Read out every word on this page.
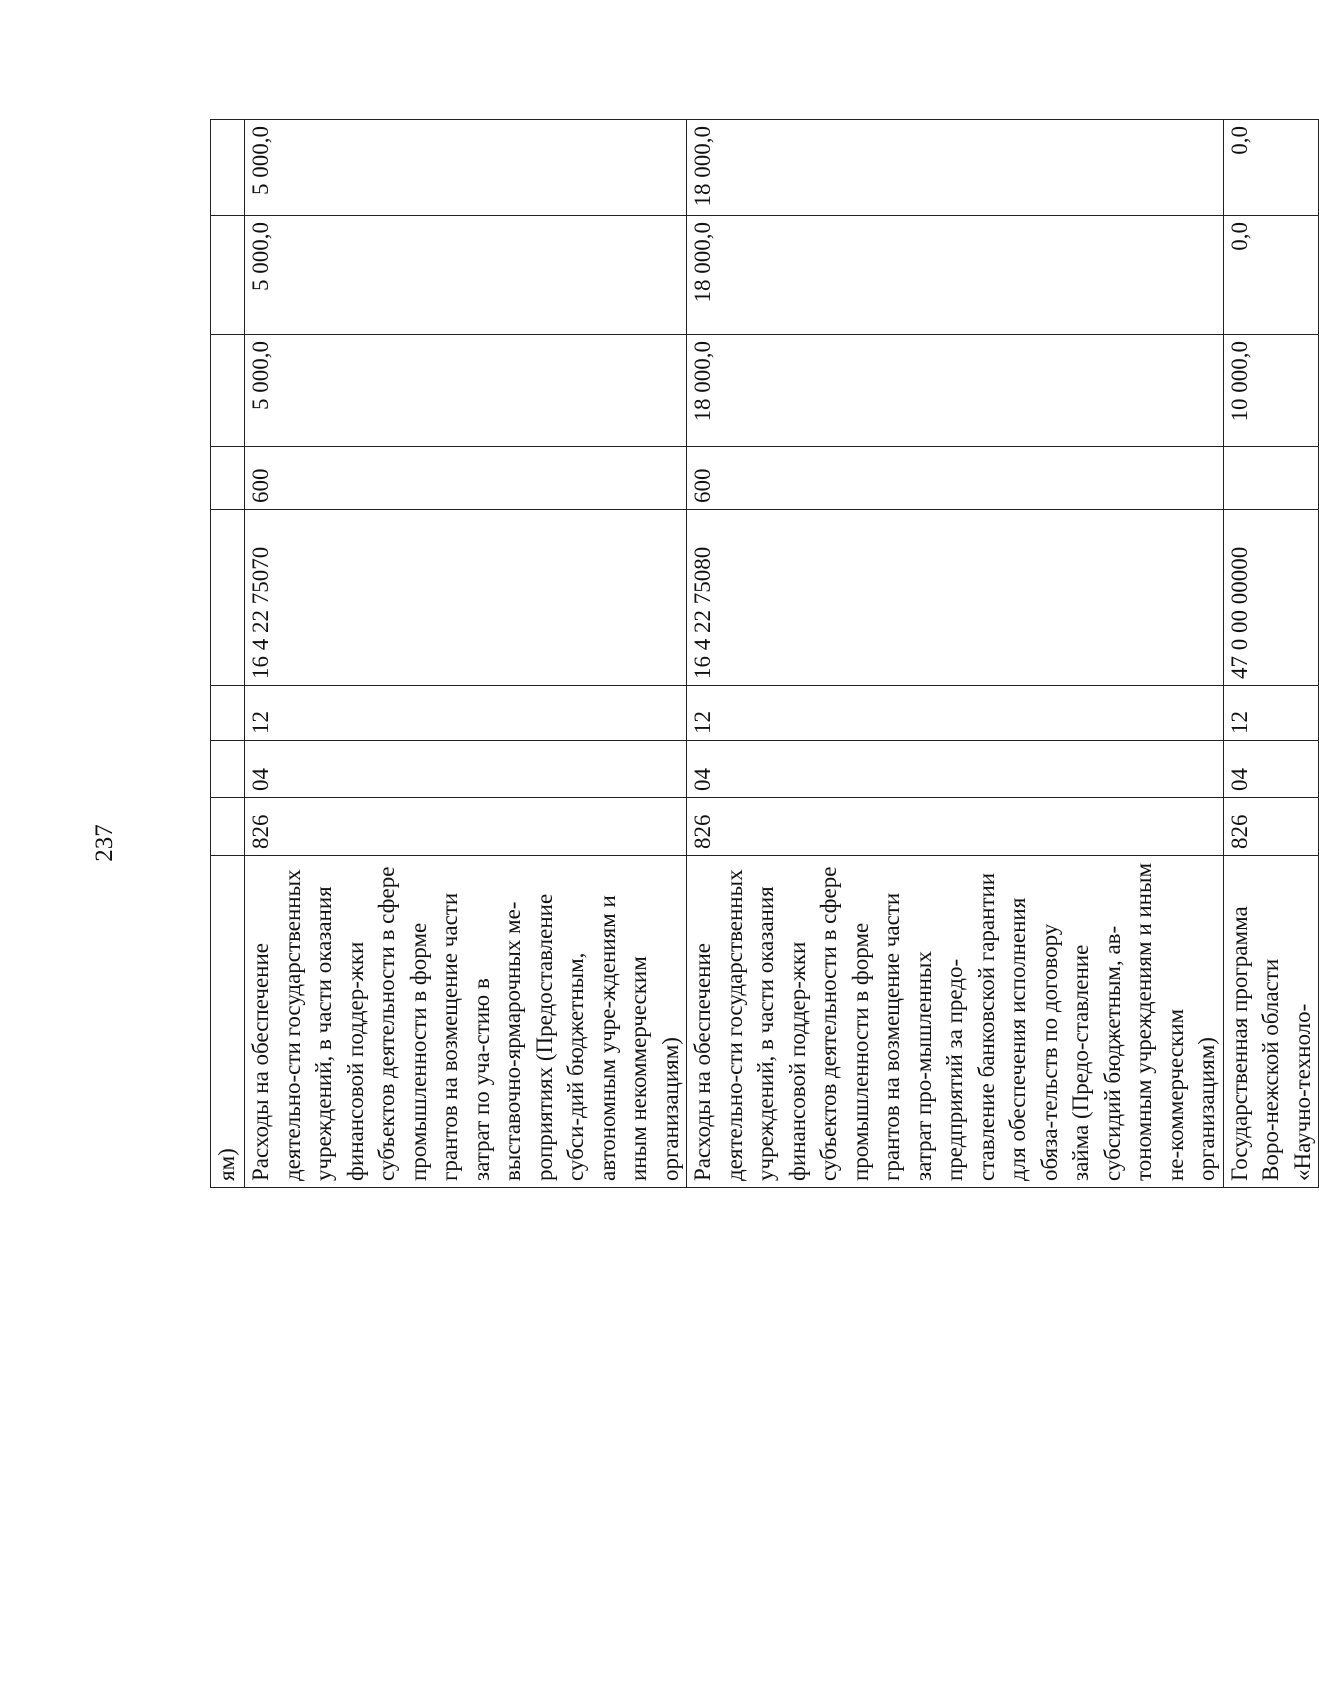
237
ям)								
Расходы на обеспечение деятельно-сти государственных учреждений, в части оказания финансовой поддер-жки субъектов деятельности в сфере промышленности в форме грантов на возмещение части затрат по уча-стию в выставочно-ярмарочных ме-роприятиях (Предоставление субси-дий бюджетным, автономным учре-ждениям и иным некоммерческим организациям)	826	04	12	16 4 22 75070	600	5 000,0	5 000,0	5 000,0
Расходы на обеспечение деятельно-сти государственных учреждений, в части оказания финансовой поддер-жки субъектов деятельности в сфере промышленности в форме грантов на возмещение части затрат про-мышленных предприятий за предо-ставление банковской гарантии для обеспечения исполнения обяза-тельств по договору займа (Предо-ставление субсидий бюджетным, ав-тономным учреждениям и иным не-коммерческим организациям)	826	04	12	16 4 22 75080	600	18 000,0	18 000,0	18 000,0
Государственная программа Воро-нежской области «Научно-техноло-	826	04	12	47 0 00 00000		10 000,0	0,0	0,0
